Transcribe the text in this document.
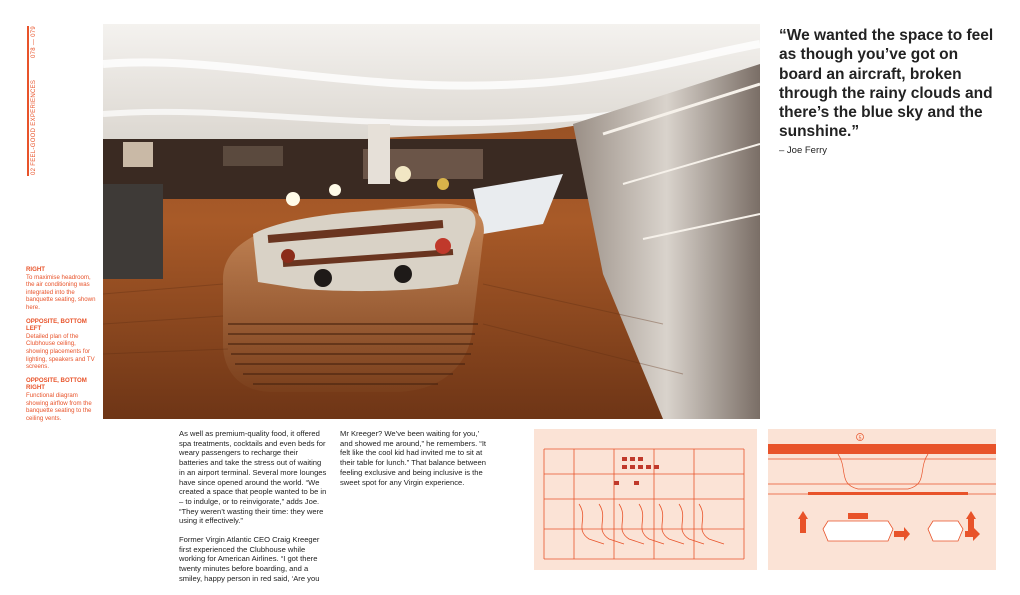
078 — 079
02 FEEL-GOOD EXPERIENCES
RIGHT
To maximise headroom, the air conditioning was integrated into the banquette seating, shown here.
OPPOSITE, BOTTOM LEFT
Detailed plan of the Clubhouse ceiling, showing placements for lighting, speakers and TV screens.
OPPOSITE, BOTTOM RIGHT
Functional diagram showing airflow from the banquette seating to the ceiling vents.
“We wanted the space to feel as though you’ve got on board an aircraft, broken through the rainy clouds and there’s the blue sky and the sunshine.”
– Joe Ferry

As well as premium-quality food, it offered spa treatments, cocktails and even beds for weary passengers to recharge their batteries and take the stress out of waiting in an airport terminal. Several more lounges have since opened around the world. “We created a space that people wanted to be in – to indulge, or to reinvigorate,” adds Joe. “They weren’t wasting their time: they were using it effectively.”

Former Virgin Atlantic CEO Craig Kreeger first experienced the Clubhouse while working for American Airlines. “I got there twenty minutes before boarding, and a smiley, happy person in red said, ‘Are you

Mr Kreeger? We’ve been waiting for you,’ and showed me around,” he remembers. “It felt like the cool kid had invited me to sit at their table for lunch.” That balance between feeling exclusive and being inclusive is the sweet spot for any Virgin experience.

5
